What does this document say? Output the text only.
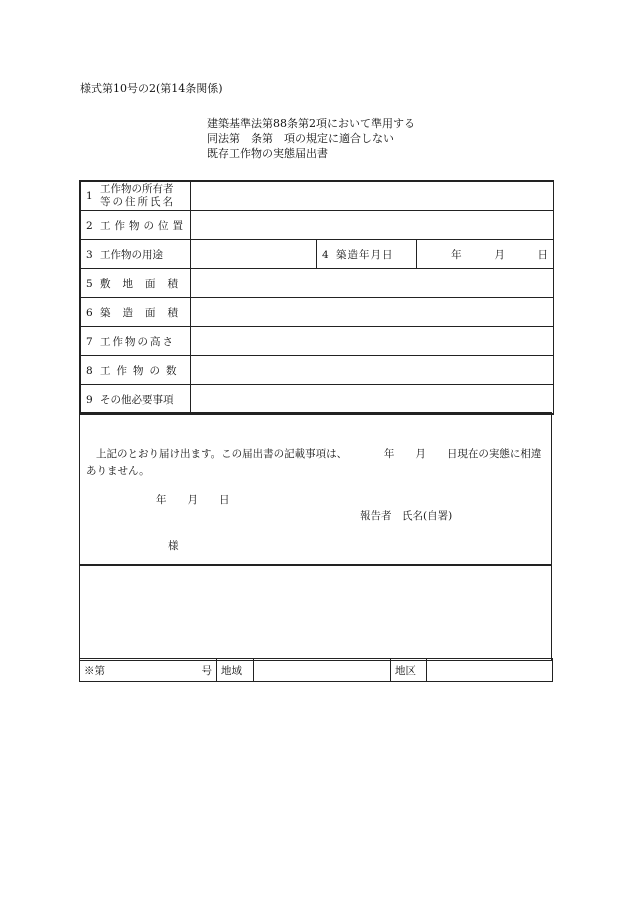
様式第10号の2(第14条関係)
建築基準法第88条第2項において準用する
同法第　条第　項の規定に適合しない
既存工作物の実態届出書
1
工作物の所有者
等の住所氏名			

2 工作物の位置			
3 工作物の用途		4 築造年月日	年 月 日
5 敷地面積			
6 築造面積			
7 工作物の高さ			
8 工作物の数			
9 その他必要事項			
上記のとおり届け出ます。この届出書の記載事項は、　　　　年　　月　　日現在の実態に相違ありません。
年　　月　　日
報告者　氏名(自署)
様
※第	号	地域		地区	
